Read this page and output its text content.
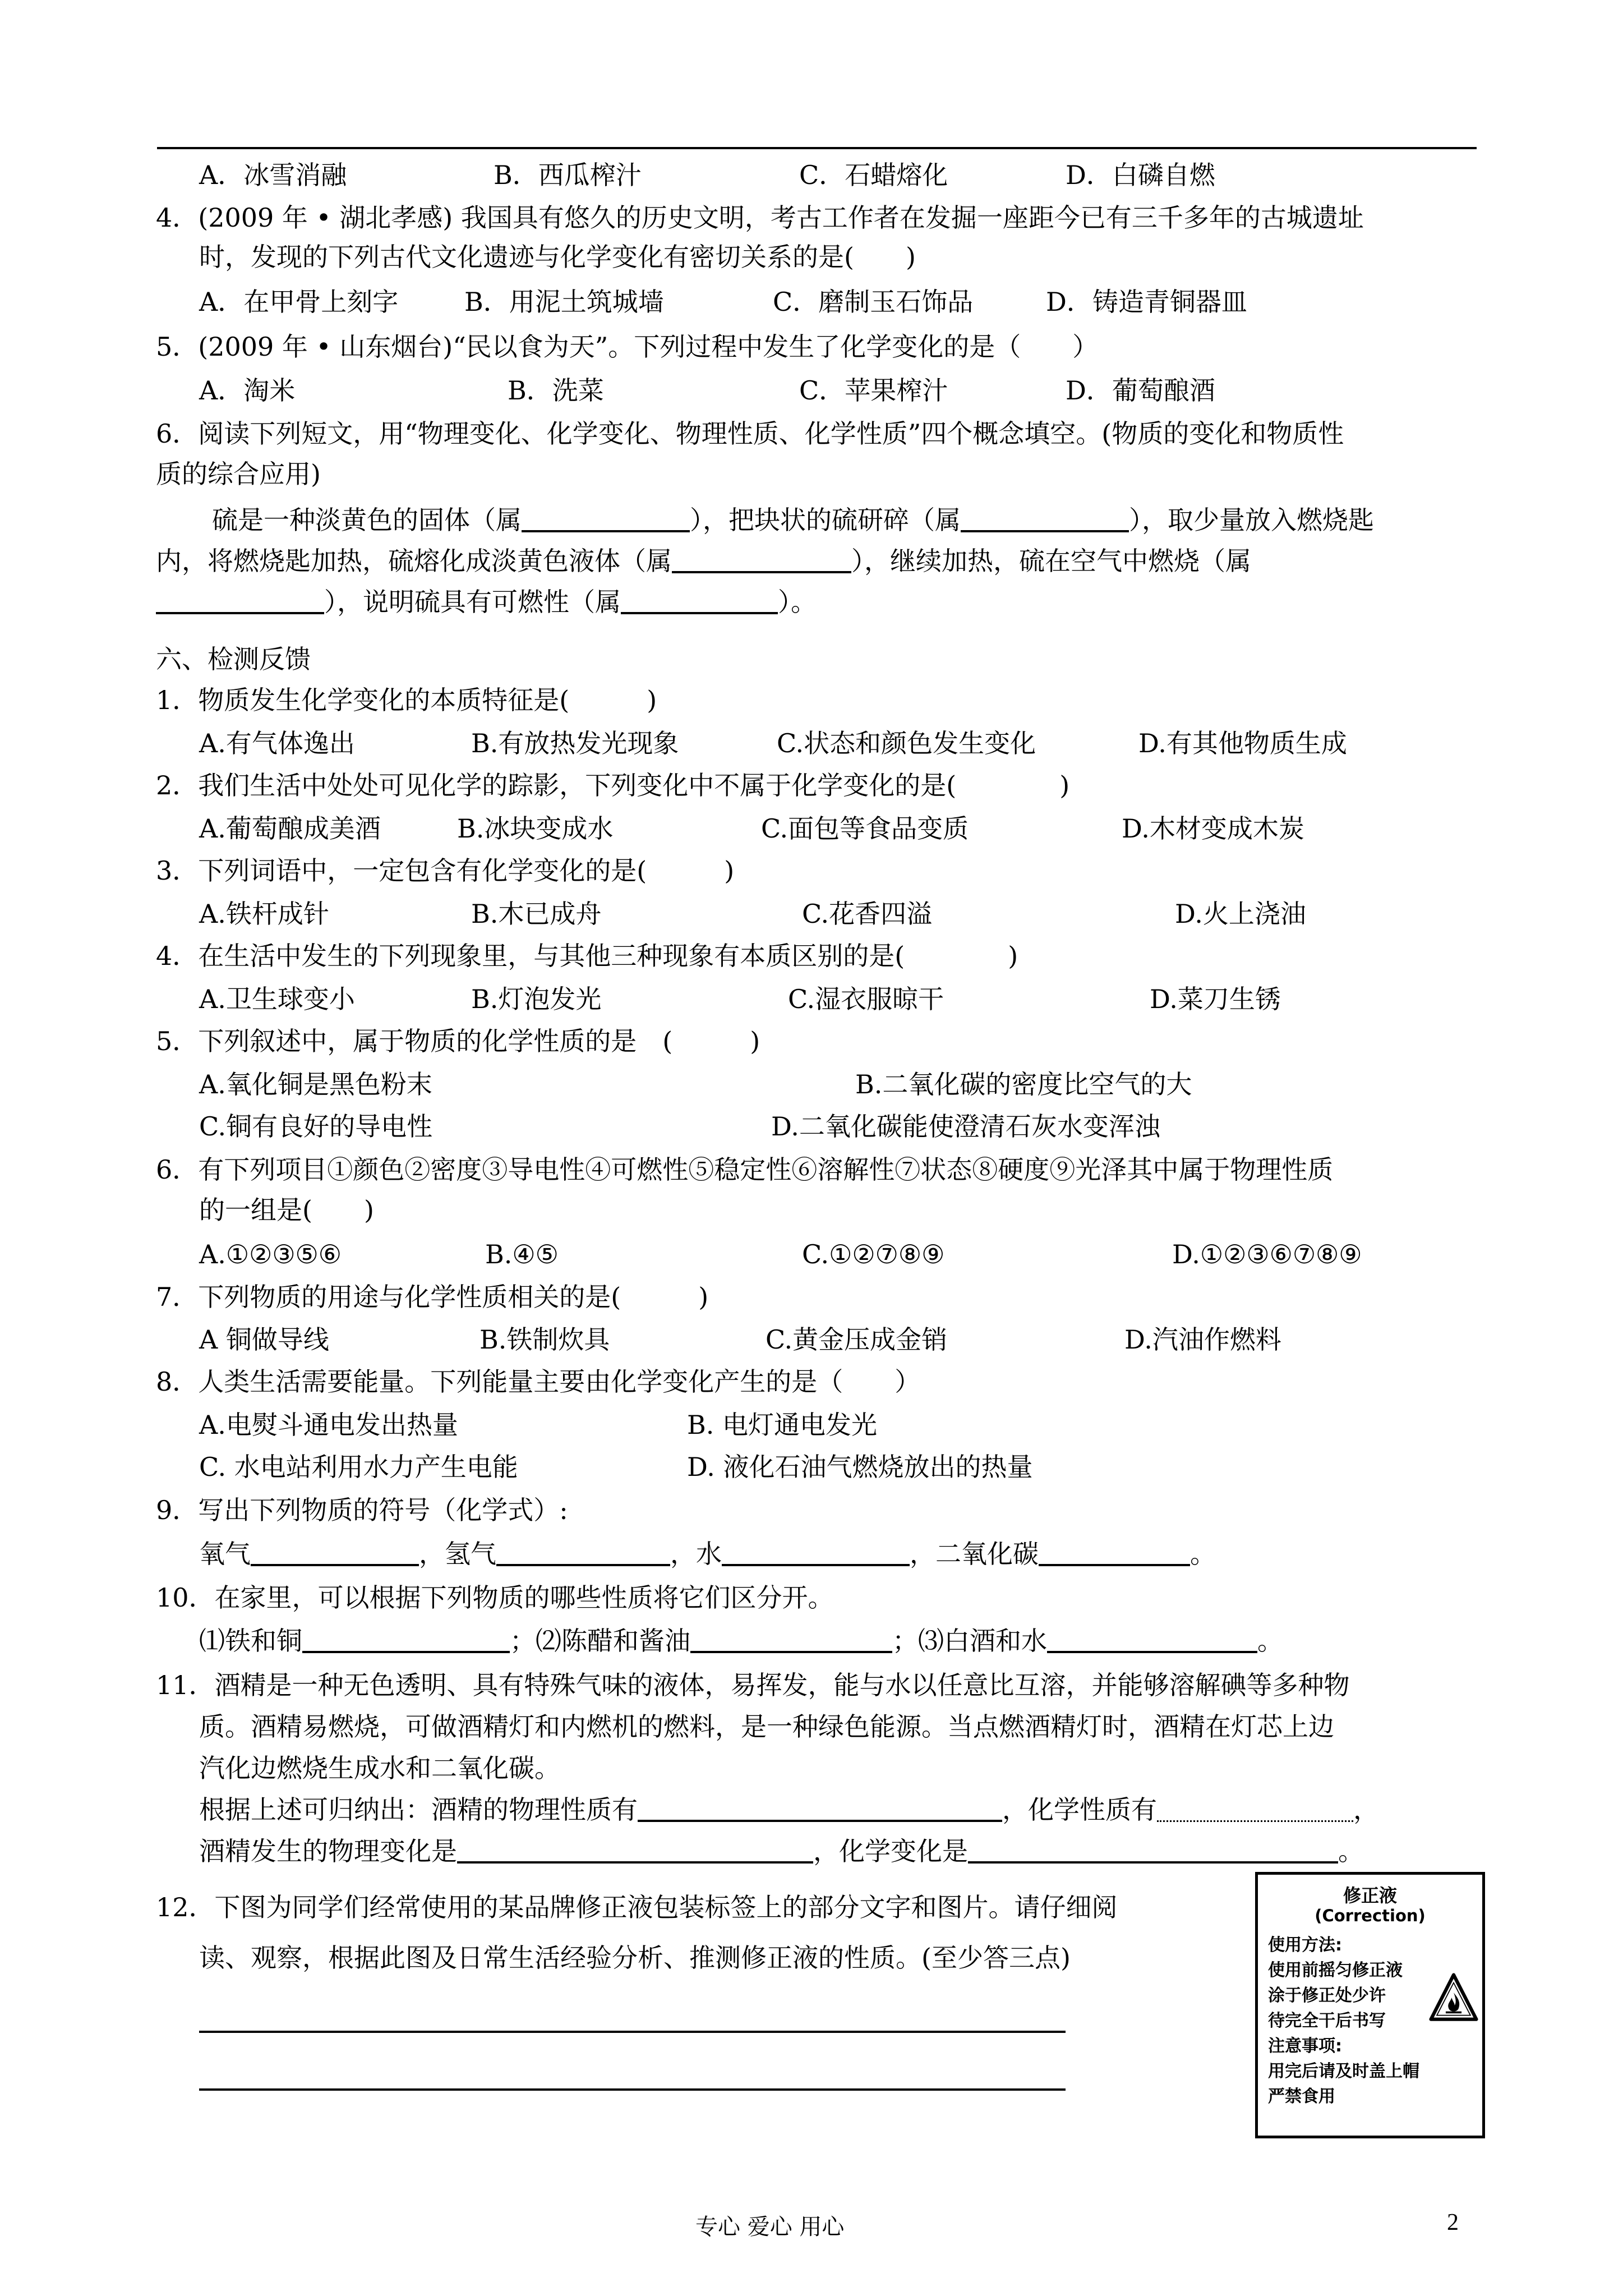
A．冰雪消融	B．西瓜榨汁	C．石蜡熔化	D．白磷自燃
4．(2009 年 • 湖北孝感) 我国具有悠久的历史文明，考古工作者在发掘一座距今已有三千多年的古城遗址
时，发现的下列古代文化遗迹与化学变化有密切关系的是(　　)
A．在甲骨上刻字	B．用泥土筑城墙	C．磨制玉石饰品	D．铸造青铜器皿
5．(2009 年 • 山东烟台)“民以食为天”。下列过程中发生了化学变化的是（　　）
A．淘米	B．洗菜	C．苹果榨汁	D．葡萄酿酒
6．阅读下列短文，用“物理变化、化学变化、物理性质、化学性质”四个概念填空。(物质的变化和物质性
质的综合应用)
硫是一种淡黄色的固体（属	），把块状的硫研碎（属	），取少量放入燃烧匙
内，将燃烧匙加热，硫熔化成淡黄色液体（属	），继续加热，硫在空气中燃烧（属
），说明硫具有可燃性（属	）。
六、检测反馈
1．物质发生化学变化的本质特征是(　　　)
A.有气体逸出	B.有放热发光现象	C.状态和颜色发生变化	D.有其他物质生成
2．我们生活中处处可见化学的踪影，下列变化中不属于化学变化的是(　　　　)
A.葡萄酿成美酒	B.冰块变成水	C.面包等食品变质	D.木材变成木炭
3．下列词语中，一定包含有化学变化的是(　　　)
A.铁杆成针	B.木已成舟	C.花香四溢	D.火上浇油
4．在生活中发生的下列现象里，与其他三种现象有本质区别的是(　　　　)
A.卫生球变小	B.灯泡发光	C.湿衣服晾干	D.菜刀生锈
5．下列叙述中，属于物质的化学性质的是　(　　　)
A.氧化铜是黑色粉末	B.二氧化碳的密度比空气的大
C.铜有良好的导电性	D.二氧化碳能使澄清石灰水变浑浊
6．有下列项目①颜色②密度③导电性④可燃性⑤稳定性⑥溶解性⑦状态⑧硬度⑨光泽其中属于物理性质
的一组是(　　)
A.①②③⑤⑥	B.④⑤	C.①②⑦⑧⑨	D.①②③⑥⑦⑧⑨
7．下列物质的用途与化学性质相关的是(　　　)
A 铜做导线	B.铁制炊具	C.黄金压成金销	D.汽油作燃料
8．人类生活需要能量。下列能量主要由化学变化产生的是（　　）
A.电熨斗通电发出热量	B. 电灯通电发光
C. 水电站利用水力产生电能	D. 液化石油气燃烧放出的热量
9．写出下列物质的符号（化学式）:
氧气	，氢气	，水	，二氧化碳	。
10．在家里，可以根据下列物质的哪些性质将它们区分开。
⑴铁和铜	；⑵陈醋和酱油	；⑶白酒和水	。
11．酒精是一种无色透明、具有特殊气味的液体，易挥发，能与水以任意比互溶，并能够溶解碘等多种物
质。酒精易燃烧，可做酒精灯和内燃机的燃料，是一种绿色能源。当点燃酒精灯时，酒精在灯芯上边
汽化边燃烧生成水和二氧化碳。
根据上述可归纳出：酒精的物理性质有	，化学性质有	，
酒精发生的物理变化是	，化学变化是	。
12．下图为同学们经常使用的某品牌修正液包装标签上的部分文字和图片。请仔细阅
读、观察，根据此图及日常生活经验分析、推测修正液的性质。(至少答三点)
修正液
(Correction)
使用方法:
使用前摇匀修正液
涂于修正处少许
待完全干后书写
注意事项:
用完后请及时盖上帽
严禁食用
专心 爱心 用心	2
